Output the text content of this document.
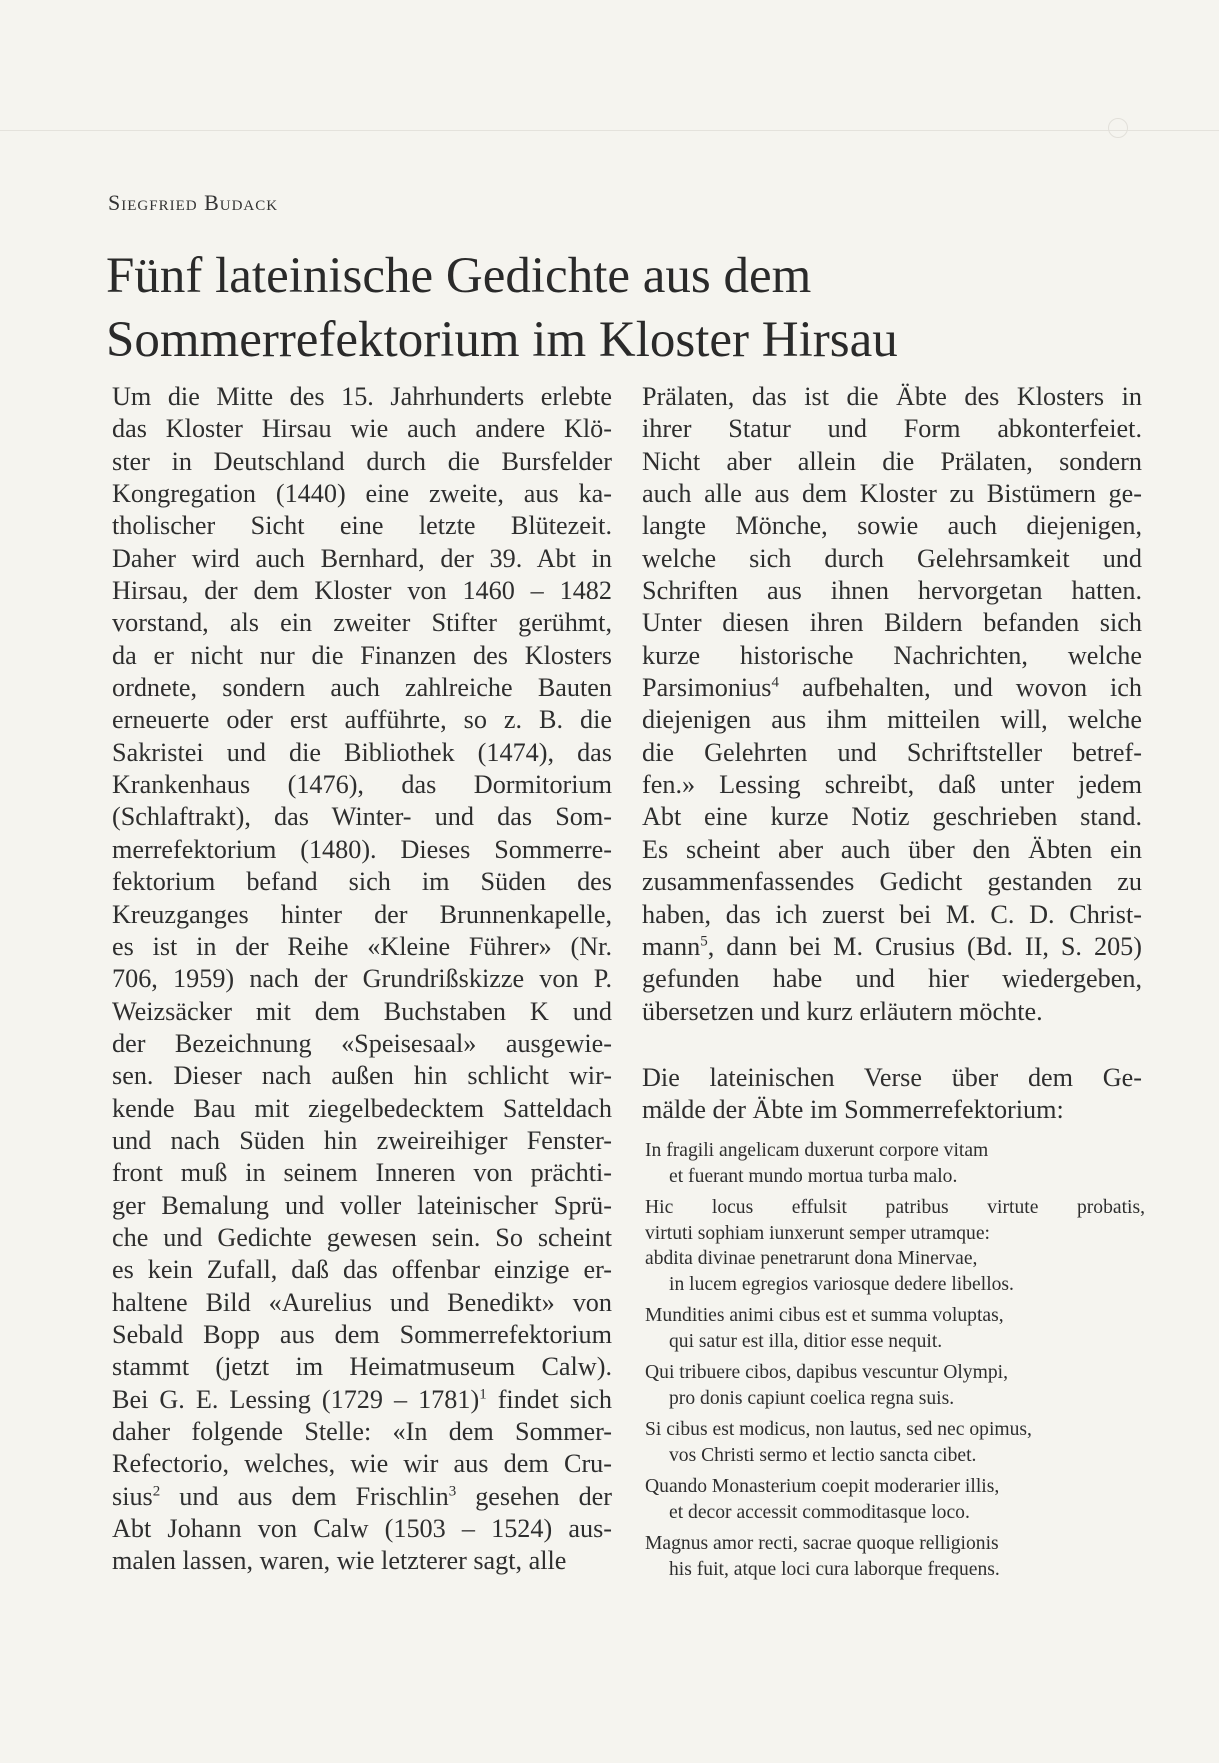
Siegfried Budack
Fünf lateinische Gedichte aus dem
Sommerrefektorium im Kloster Hirsau
Um die Mitte des 15. Jahrhunderts erlebte
das Kloster Hirsau wie auch andere Klö-
ster in Deutschland durch die Bursfelder
Kongregation (1440) eine zweite, aus ka-
tholischer Sicht eine letzte Blütezeit.
Daher wird auch Bernhard, der 39. Abt in
Hirsau, der dem Kloster von 1460 – 1482
vorstand, als ein zweiter Stifter gerühmt,
da er nicht nur die Finanzen des Klosters
ordnete, sondern auch zahlreiche Bauten
erneuerte oder erst aufführte, so z. B. die
Sakristei und die Bibliothek (1474), das
Krankenhaus (1476), das Dormitorium
(Schlaftrakt), das Winter- und das Som-
merrefektorium (1480). Dieses Sommerre-
fektorium befand sich im Süden des
Kreuzganges hinter der Brunnenkapelle,
es ist in der Reihe «Kleine Führer» (Nr.
706, 1959) nach der Grundrißskizze von P.
Weizsäcker mit dem Buchstaben K und
der Bezeichnung «Speisesaal» ausgewie-
sen. Dieser nach außen hin schlicht wir-
kende Bau mit ziegelbedecktem Satteldach
und nach Süden hin zweireihiger Fenster-
front muß in seinem Inneren von prächti-
ger Bemalung und voller lateinischer Sprü-
che und Gedichte gewesen sein. So scheint
es kein Zufall, daß das offenbar einzige er-
haltene Bild «Aurelius und Benedikt» von
Sebald Bopp aus dem Sommerrefektorium
stammt (jetzt im Heimatmuseum Calw).
Bei G. E. Lessing (1729 – 1781)$^1$ findet sich
daher folgende Stelle: «In dem Sommer-
Refectorio, welches, wie wir aus dem Cru-
sius$^2$ und aus dem Frischlin$^3$ gesehen der
Abt Johann von Calw (1503 – 1524) aus-
malen lassen, waren, wie letzterer sagt, alle
Prälaten, das ist die Äbte des Klosters in
ihrer Statur und Form abkonterfeiet.
Nicht aber allein die Prälaten, sondern
auch alle aus dem Kloster zu Bistümern ge-
langte Mönche, sowie auch diejenigen,
welche sich durch Gelehrsamkeit und
Schriften aus ihnen hervorgetan hatten.
Unter diesen ihren Bildern befanden sich
kurze historische Nachrichten, welche
Parsimonius$^4$ aufbehalten, und wovon ich
diejenigen aus ihm mitteilen will, welche
die Gelehrten und Schriftsteller betref-
fen.» Lessing schreibt, daß unter jedem
Abt eine kurze Notiz geschrieben stand.
Es scheint aber auch über den Äbten ein
zusammenfassendes Gedicht gestanden zu
haben, das ich zuerst bei M. C. D. Christ-
mann$^5$, dann bei M. Crusius (Bd. II, S. 205)
gefunden habe und hier wiedergeben,
übersetzen und kurz erläutern möchte.
Die lateinischen Verse über dem Ge-
mälde der Äbte im Sommerrefektorium:
In fragili angelicam duxerunt corpore vitam
et fuerant mundo mortua turba malo.
Hic locus effulsit patribus virtute probatis,
virtuti sophiam iunxerunt semper utramque:
abdita divinae penetrarunt dona Minervae,
in lucem egregios variosque dedere libellos.
Mundities animi cibus est et summa voluptas,
qui satur est illa, ditior esse nequit.
Qui tribuere cibos, dapibus vescuntur Olympi,
pro donis capiunt coelica regna suis.
Si cibus est modicus, non lautus, sed nec opimus,
vos Christi sermo et lectio sancta cibet.
Quando Monasterium coepit moderarier illis,
et decor accessit commoditasque loco.
Magnus amor recti, sacrae quoque relligionis
his fuit, atque loci cura laborque frequens.
